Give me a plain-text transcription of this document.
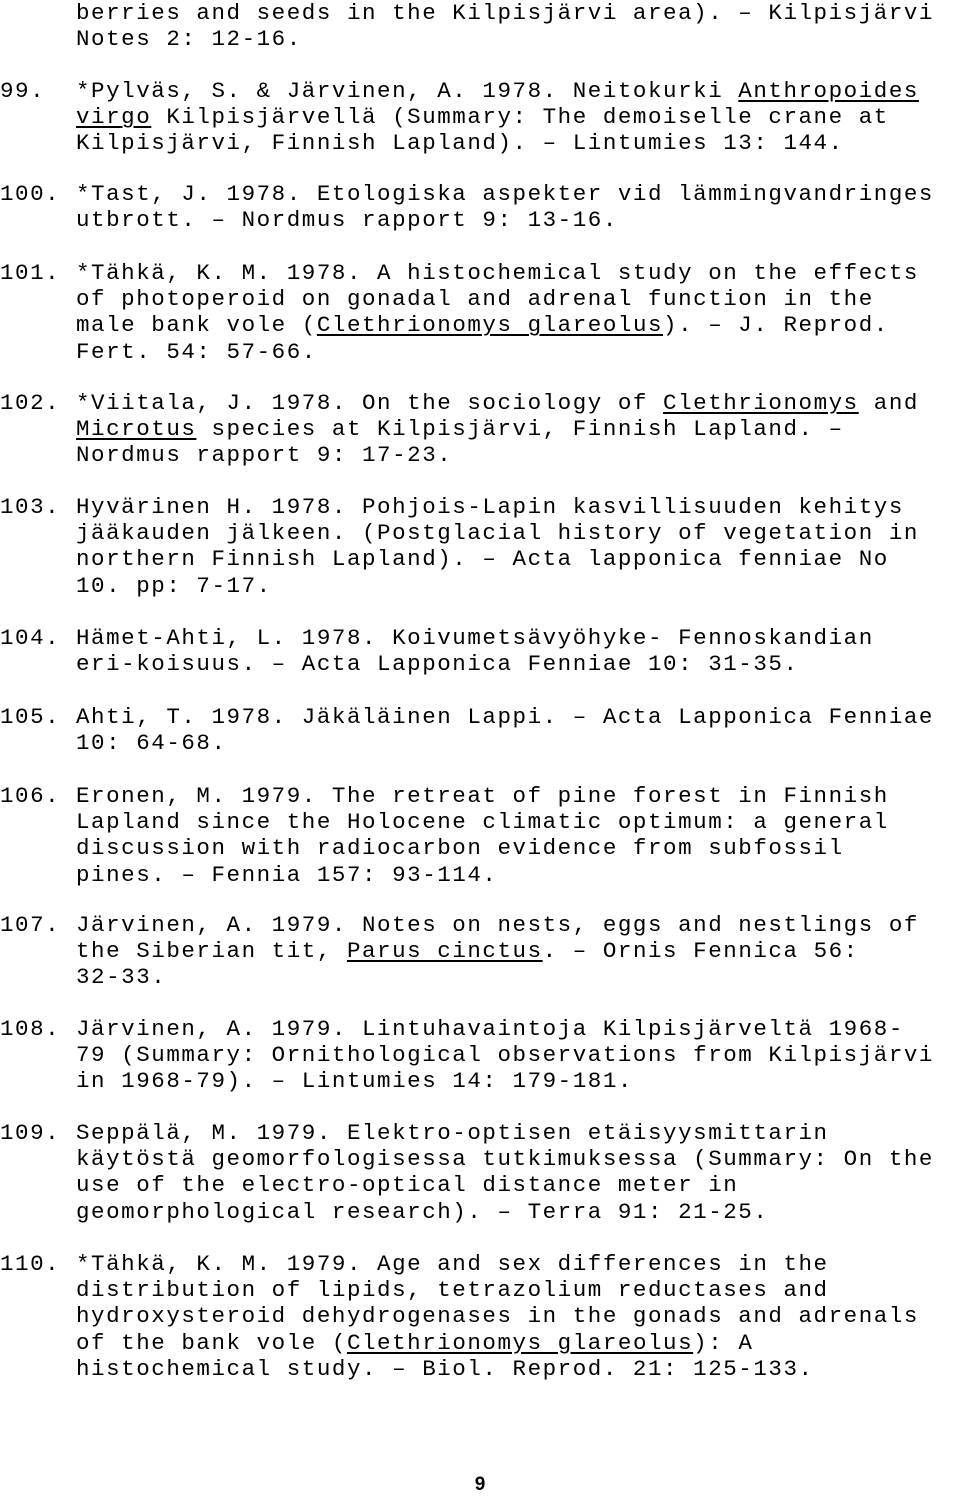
berries and seeds in the Kilpisjärvi area). – Kilpisjärvi
Notes 2: 12-16.
99. *Pylväs, S. & Järvinen, A. 1978. Neitokurki Anthropoides
virgo Kilpisjärvellä (Summary: The demoiselle crane at
Kilpisjärvi, Finnish Lapland). – Lintumies 13: 144.
100. *Tast, J. 1978. Etologiska aspekter vid lämmingvandringes
utbrott. – Nordmus rapport 9: 13-16.
101. *Tähkä, K. M. 1978. A histochemical study on the effects
of photoperoid on gonadal and adrenal function in the
male bank vole (Clethrionomys glareolus). – J. Reprod.
Fert. 54: 57-66.
102. *Viitala, J. 1978. On the sociology of Clethrionomys and
Microtus species at Kilpisjärvi, Finnish Lapland. –
Nordmus rapport 9: 17-23.
103. Hyvärinen H. 1978. Pohjois-Lapin kasvillisuuden kehitys
jääkauden jälkeen. (Postglacial history of vegetation in
northern Finnish Lapland). – Acta lapponica fenniae No
10. pp: 7-17.
104. Hämet-Ahti, L. 1978. Koivumetsävyöhyke- Fennoskandian
eri-koisuus. – Acta Lapponica Fenniae 10: 31-35.
105. Ahti, T. 1978. Jäkäläinen Lappi. – Acta Lapponica Fenniae
10: 64-68.
106. Eronen, M. 1979. The retreat of pine forest in Finnish
Lapland since the Holocene climatic optimum: a general
discussion with radiocarbon evidence from subfossil
pines. – Fennia 157: 93-114.
107. Järvinen, A. 1979. Notes on nests, eggs and nestlings of
the Siberian tit, Parus cinctus. – Ornis Fennica 56:
32-33.
108. Järvinen, A. 1979. Lintuhavaintoja Kilpisjärveltä 1968-
79 (Summary: Ornithological observations from Kilpisjärvi
in 1968-79). – Lintumies 14: 179-181.
109. Seppälä, M. 1979. Elektro-optisen etäisyysmittarin
käytöstä geomorfologisessa tutkimuksessa (Summary: On the
use of the electro-optical distance meter in
geomorphological research). – Terra 91: 21-25.
110. *Tähkä, K. M. 1979. Age and sex differences in the
distribution of lipids, tetrazolium reductases and
hydroxysteroid dehydrogenases in the gonads and adrenals
of the bank vole (Clethrionomys glareolus): A
histochemical study. – Biol. Reprod. 21: 125-133.
9
